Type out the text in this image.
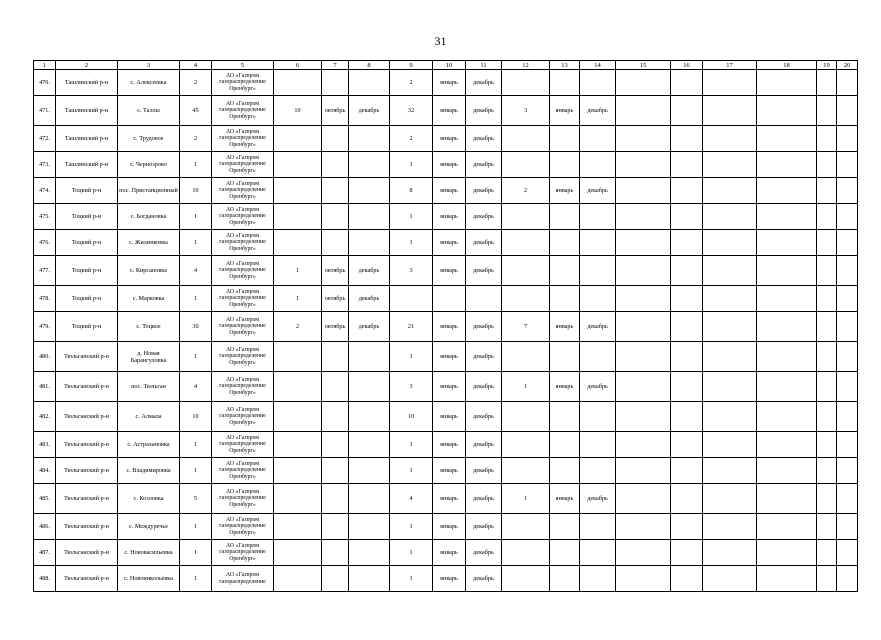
31
1	2	3	4	5	6	7	8	9	10	11	12	13	14	15	16	17	18	19	20
470.	Ташлинский р-н	с. Алексеевка	2	АО «Газпром газораспределение Оренбург»				2	январь	декабрь									
471.	Ташлинский р-н	с. Таллы	45	АО «Газпром газораспределение Оренбург»	10	октябрь	декабрь	32	январь	декабрь	3	январь	декабрь						
472.	Ташлинский р-н	с. Трудовое	2	АО «Газпром газораспределение Оренбург»				2	январь	декабрь									
473.	Ташлинский р-н	с. Чернозрово	1	АО «Газпром газораспределение Оренбург»				1	январь	декабрь									
474.	Тоцкий р-н	пос. Пристанционный	10	АО «Газпром газораспределение Оренбург»				8	январь	декабрь	2	январь	декабрь						
475.	Тоцкий р-н	с. Богдановка	1	АО «Газпром газораспределение Оренбург»				1	январь	декабрь									
476.	Тоцкий р-н	с. Жилинковка	1	АО «Газпром газораспределение Оренбург»				1	январь	декабрь									
477.	Тоцкий р-н	с. Кирсановка	4	АО «Газпром газораспределение Оренбург»	1	октябрь	декабрь	3	январь	декабрь									
478.	Тоцкий р-н	с. Марковка	1	АО «Газпром газораспределение Оренбург»	1	октябрь	декабрь												
479.	Тоцкий р-н	с. Тоцкое	30	АО «Газпром газораспределение Оренбург»	2	октябрь	декабрь	21	январь	декабрь	7	январь	декабрь						
480.	Тюльганский р-н	д. Новая Барангуловка	1	АО «Газпром газораспределение Оренбург»				1	январь	декабрь									
481.	Тюльганский р-н	пос. Тюльган	4	АО «Газпром газораспределение Оренбург»				3	январь	декабрь	1	январь	декабрь						
482.	Тюльганский р-н	с. Алмала	10	АО «Газпром газораспределение Оренбург»				10	январь	декабрь									
483.	Тюльганский р-н	с. Астрахановка	1	АО «Газпром газораспределение Оренбург»				1	январь	декабрь									
484.	Тюльганский р-н	с. Владимировка	1	АО «Газпром газораспределение Оренбург»				1	январь	декабрь									
485.	Тюльганский р-н	с. Козловка	5	АО «Газпром газораспределение Оренбург»				4	январь	декабрь	1	январь	декабрь						
486.	Тюльганский р-н	с. Междуречье	1	АО «Газпром газораспределение Оренбург»				1	январь	декабрь									
487.	Тюльганский р-н	с. Нововасильевка	1	АО «Газпром газораспределение Оренбург»				1	январь	декабрь									
488.	Тюльганский р-н	с. Новоникольевка	1	АО «Газпром газораспределение				1	январь	декабрь									
